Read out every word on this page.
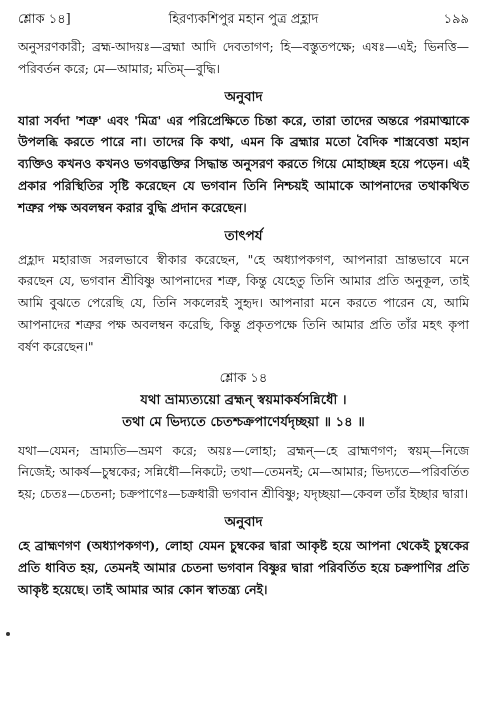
শ্লোক ১৪]	হিরণ্যকশিপুর মহান পুত্র প্রহ্লাদ	১৯৯

অনুসরণকারী; ব্রহ্ম-আদয়ঃ—ব্রহ্মা আদি দেবতাগণ; হি—বস্তুতপক্ষে; এষঃ—এই; ভিনত্তি—পরিবর্তন করে; মে—আমার; মতিম্—বুদ্ধি।

অনুবাদ

যারা সর্বদা 'শত্রু' এবং 'মিত্র' এর পরিপ্রেক্ষিতে চিন্তা করে, তারা তাদের অন্তরে পরমাত্মাকে উপলব্ধি করতে পারে না। তাদের কি কথা, এমন কি ব্রহ্মার মতো বৈদিক শাস্ত্রবেত্তা মহান ব্যক্তিও কখনও কখনও ভগবদ্ভক্তির সিদ্ধান্ত অনুসরণ করতে গিয়ে মোহাচ্ছন্ন হয়ে পড়েন। এই প্রকার পরিস্থিতির সৃষ্টি করেছেন যে ভগবান তিনি নিশ্চয়ই আমাকে আপনাদের তথাকথিত শত্রুর পক্ষ অবলম্বন করার বুদ্ধি প্রদান করেছেন।

তাৎপর্য

প্রহ্লাদ মহারাজ সরলভাবে স্বীকার করেছেন, "হে অধ্যাপকগণ, আপনারা ভ্রান্তভাবে মনে করছেন যে, ভগবান শ্রীবিষ্ণু আপনাদের শত্রু, কিন্তু যেহেতু তিনি আমার প্রতি অনুকূল, তাই আমি বুঝতে পেরেছি যে, তিনি সকলেরই সুহৃদ। আপনারা মনে করতে পারেন যে, আমি আপনাদের শত্রুর পক্ষ অবলম্বন করেছি, কিন্তু প্রকৃতপক্ষে তিনি আমার প্রতি তাঁর মহৎ কৃপা বর্ষণ করেছেন।"

শ্লোক ১৪

যথা ভ্রাম্যত্যয়ো ব্রহ্মন্ স্বয়মাকর্ষসন্নিধৌ ।

তথা মে ভিদ্যতে চেতশ্চক্রপাণের্যদৃচ্ছয়া ॥ ১৪ ॥

যথা—যেমন; ভ্রাম্যতি—ভ্রমণ করে; অয়ঃ—লোহা; ব্রহ্মন্—হে ব্রাহ্মণগণ; স্বয়ম্—নিজে নিজেই; আকর্ষ—চুম্বকের; সন্নিধৌ—নিকটে; তথা—তেমনই; মে—আমার; ভিদ্যতে—পরিবর্তিত হয়; চেতঃ—চেতনা; চক্রপাণেঃ—চক্রধারী ভগবান শ্রীবিষ্ণু; যদৃচ্ছয়া—কেবল তাঁর ইচ্ছার দ্বারা।

অনুবাদ

হে ব্রাহ্মণগণ (অধ্যাপকগণ), লোহা যেমন চুম্বকের দ্বারা আকৃষ্ট হয়ে আপনা থেকেই চুম্বকের প্রতি ধাবিত হয়, তেমনই আমার চেতনা ভগবান বিষ্ণুর দ্বারা পরিবর্তিত হয়ে চক্রপাণির প্রতি আকৃষ্ট হয়েছে। তাই আমার আর কোন স্বাতন্ত্র্য নেই।
